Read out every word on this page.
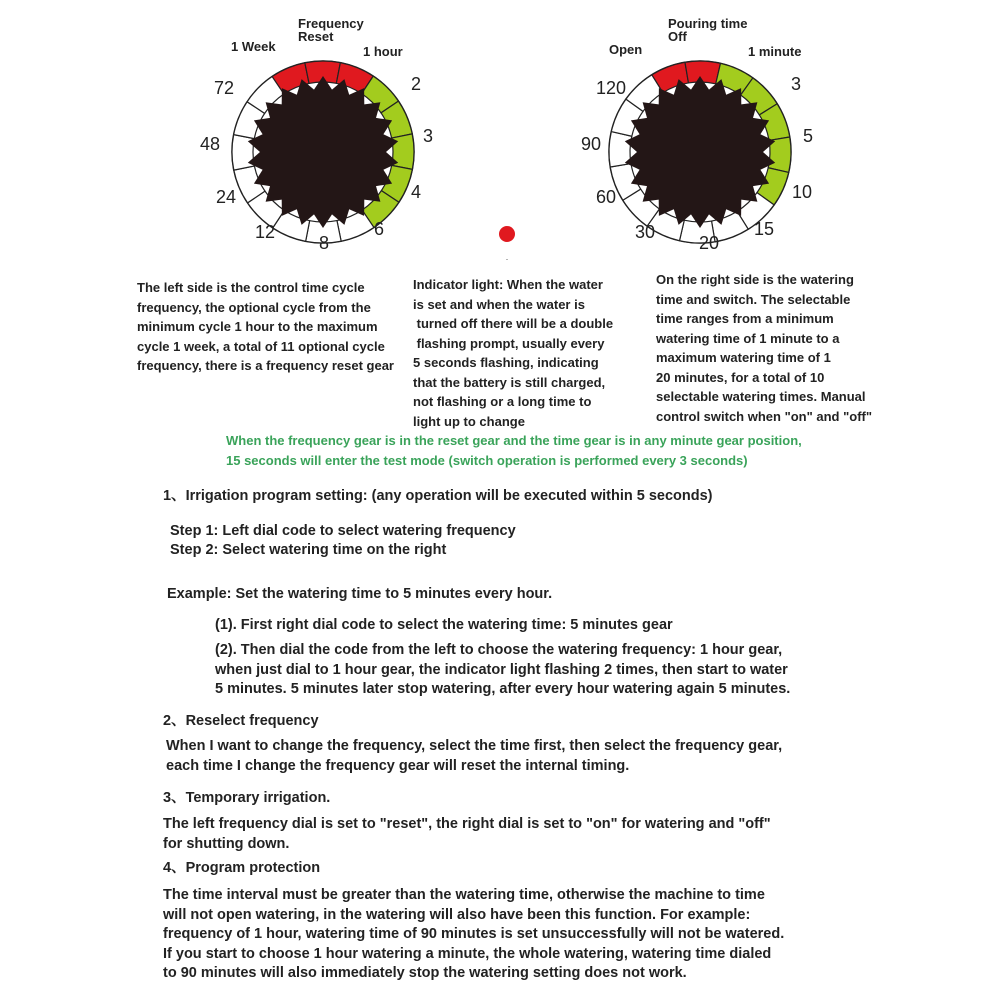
72
48
24
12
8
6
4
3
2	120
90
60
30
20
15
10
5
3
Frequency
Reset
1 Week	1 hour
Pouring time
Off
Open	1 minute
The left side is the control time cycle
frequency, the optional cycle from the
minimum cycle 1 hour to the maximum
cycle 1 week, a total of 11 optional cycle
frequency, there is a frequency reset gear
Indicator light: When the water
is set and when the water is
turned off there will be a double
flashing prompt, usually every
5 seconds flashing, indicating
that the battery is still charged,
not flashing or a long time to
light up to change
On the right side is the watering
time and switch. The selectable
time ranges from a minimum
watering time of 1 minute to a
maximum watering time of 1
20 minutes, for a total of 10
selectable watering times. Manual
control switch when "on" and "off"
When the frequency gear is in the reset gear and the time gear is in any minute gear position,
15 seconds will enter the test mode (switch operation is performed every 3 seconds)
1、Irrigation program setting: (any operation will be executed within 5 seconds)
Step 1: Left dial code to select watering frequency
Step 2: Select watering time on the right
Example: Set the watering time to 5 minutes every hour.
(1). First right dial code to select the watering time: 5 minutes gear
(2). Then dial the code from the left to choose the watering frequency: 1 hour gear,
when just dial to 1 hour gear, the indicator light flashing 2 times, then start to water
5 minutes. 5 minutes later stop watering, after every hour watering again 5 minutes.
2、Reselect frequency
When I want to change the frequency, select the time first, then select the frequency gear,
each time I change the frequency gear will reset the internal timing.
3、Temporary irrigation.
The left frequency dial is set to "reset", the right dial is set to "on" for watering and "off"
for shutting down.
4、Program protection
The time interval must be greater than the watering time, otherwise the machine to time
will not open watering, in the watering will also have been this function. For example:
frequency of 1 hour, watering time of 90 minutes is set unsuccessfully will not be watered.
If you start to choose 1 hour watering a minute, the whole watering, watering time dialed
to 90 minutes will also immediately stop the watering setting does not work.
